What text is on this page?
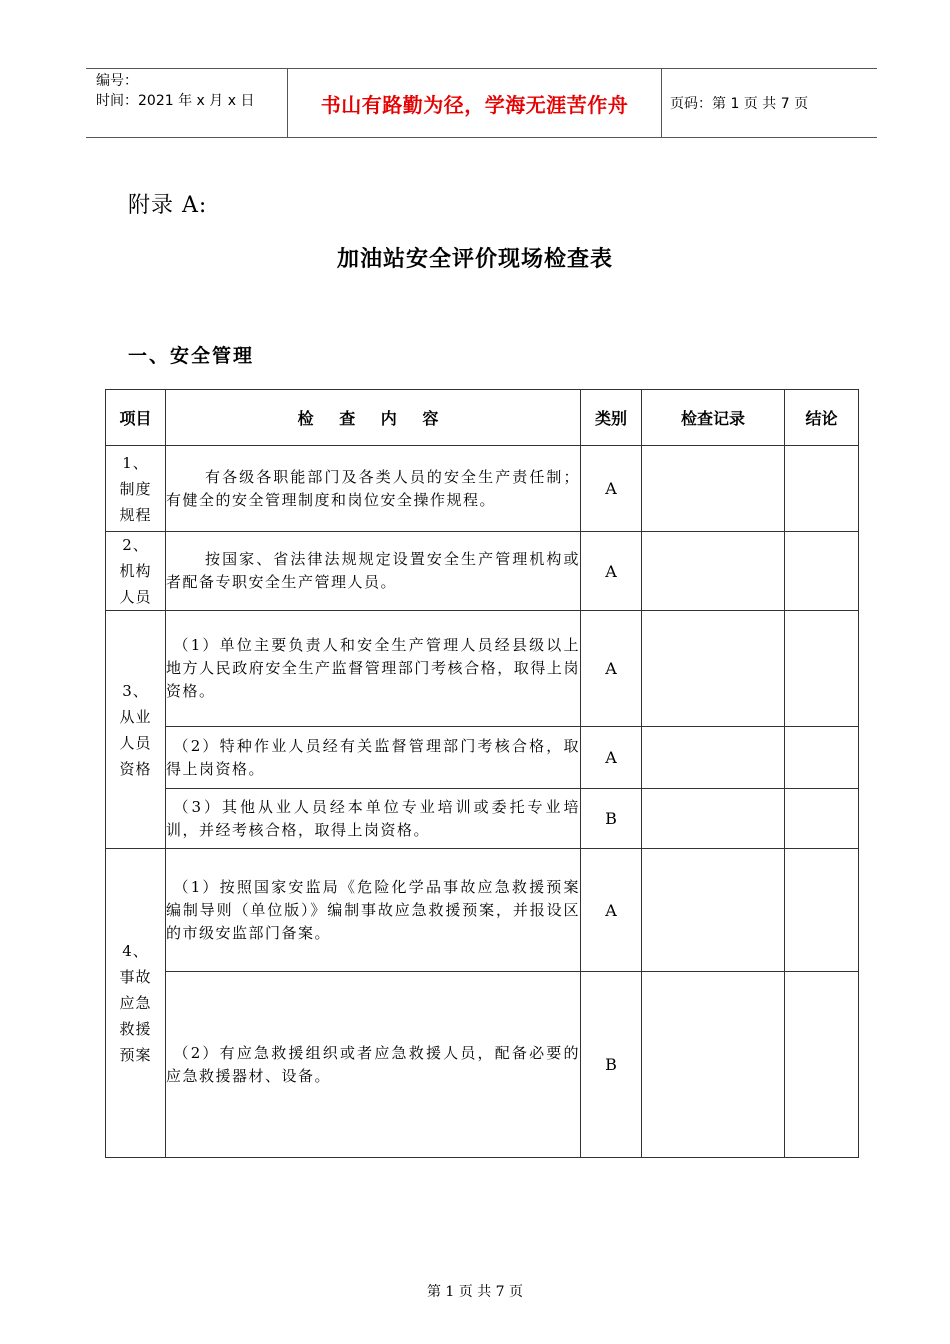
编号：
时间：2021 年 x 月 x 日	书山有路勤为径，学海无涯苦作舟	页码：第 1 页 共 7 页
附录 A:
加油站安全评价现场检查表
一、安全管理
项目	检 查 内 容	类别	检查记录	结论
1、
制度
规程	有各级各职能部门及各类人员的安全生产责任制；有健全的安全管理制度和岗位安全操作规程。	A		
2、
机构
人员	按国家、省法律法规规定设置安全生产管理机构或者配备专职安全生产管理人员。	A		
3、
从业
人员
资格	（1）单位主要负责人和安全生产管理人员经县级以上地方人民政府安全生产监督管理部门考核合格，取得上岗资格。	A		

	（2）特种作业人员经有关监督管理部门考核合格，取得上岗资格。	A		

	（3）其他从业人员经本单位专业培训或委托专业培训，并经考核合格，取得上岗资格。	B		
4、
事故
应急
救援
预案	（1）按照国家安监局《危险化学品事故应急救援预案编制导则（单位版）》编制事故应急救援预案，并报设区的市级安监部门备案。	A		

	（2）有应急救援组织或者应急救援人员，配备必要的应急救援器材、设备。	B		
第 1 页 共 7 页
